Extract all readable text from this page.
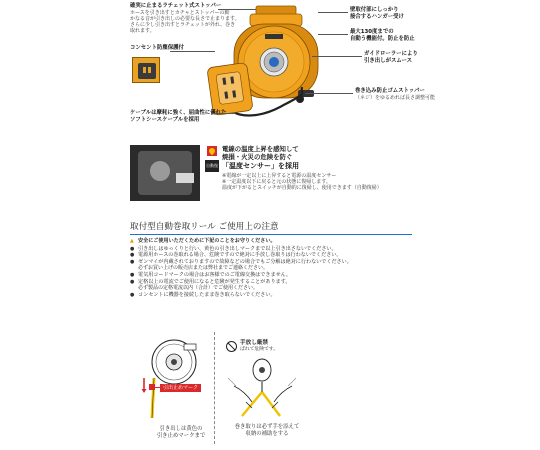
確実に止まるラチェット式ストッパー
ホースを引き出すとカチャとストッパーの動
かなる音が引き出しの必要な長さで止まります。
さらに少し引き出すとラチェットが外れ、巻き取れます。
コンセント防塵保護付
ケーブルは摩耗に強く、屈曲性に優れた
ソフトシースケーブルを採用
壁取付部にしっかり
接合するハンガー受け
最大130度までの
自動う機能付。防止を防止
ガイドローラーにより
引き出しがスムース
巻き込み防止ゴムストッパー
（ネジ）をゆるめれば長さ調整可能
自動復帰
電線の温度上昇を感知して
焼損・火災の危険を防ぐ
「温度センサー」を採用
※電線が一定以上に上昇すると電源の温度センサー
※一定温度以下に戻ると元の状態に復帰します。
温度が下がるとスイッチが自動的に復帰し、使用できます（自動復帰）
取付型自動巻取リール ご使用上の注意
▲ 安全にご使用いただくために下記のことをお守りください。
● 引き出しはゆっくりと行い、黄色の引き出しマークまで以上引き出さないでください。
● 電源用ホースの巻取れる場合、危険ですので絶対に手放し巻取りは行わないでください。
● ゼンマイが内蔵されておりますので故障などの場合でもご分解は絶対に行わないでください。
必ずお買い上げの販売店または弊社までご連絡ください。
● 電気用コードマークの場合はお客様でのご電線交換はできません。
● 定格以上の電流でご使用になると危険が発生することがあります。
必ず製品の定格電流以内（合計）でご使用ください。
● コンセントに機器を接続したまま巻き取らないでください。
引出止めマーク
引き出しは黄色の
引き止めマークまで
手放し厳禁
ぱれて危険です。
巻き取りは必ず手を添えて
収納の補助をする
